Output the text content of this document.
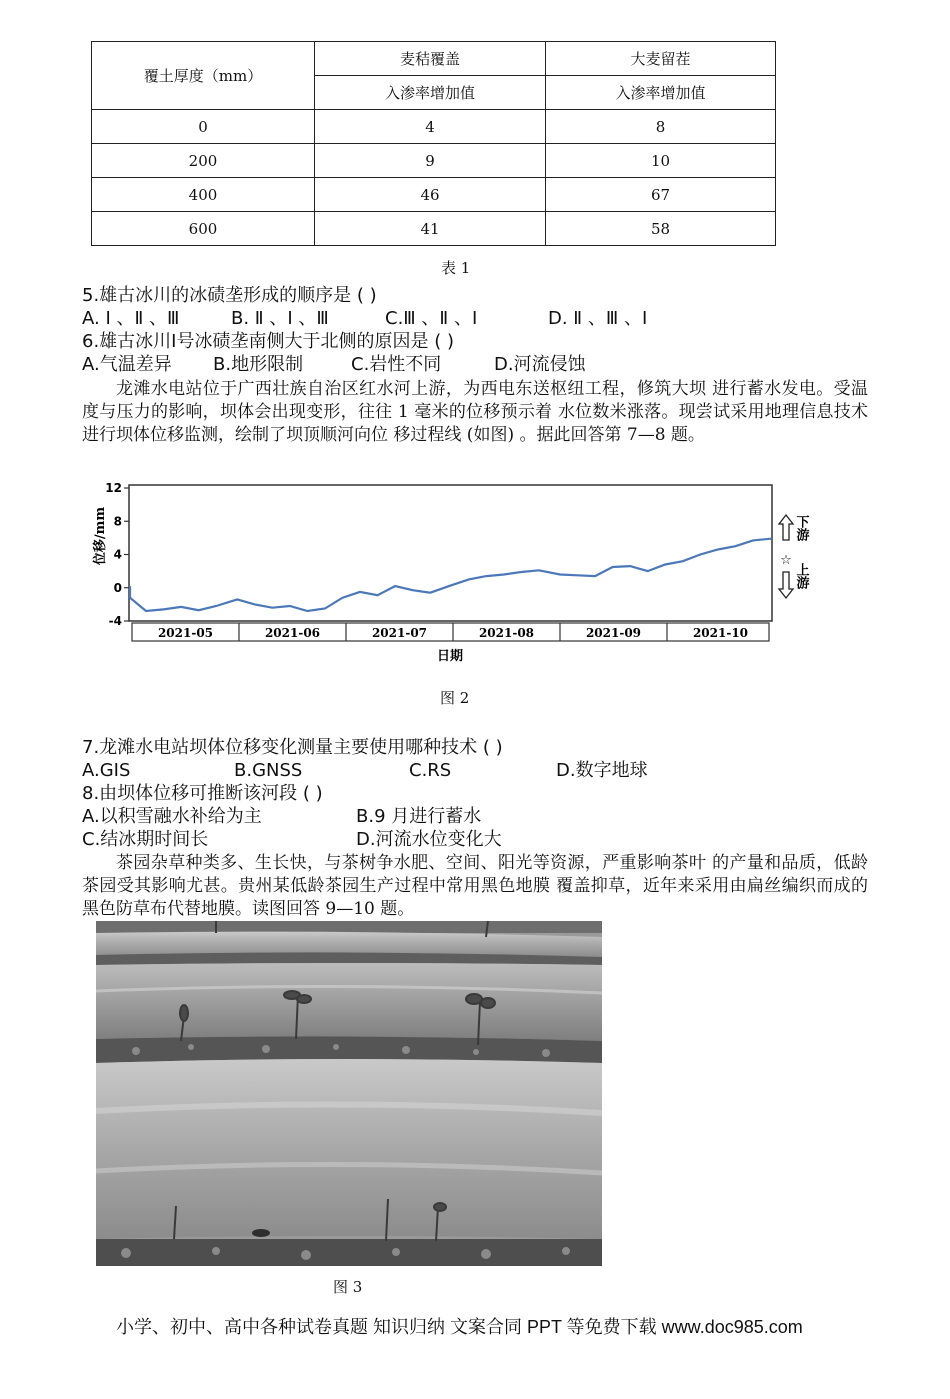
覆土厚度（mm）	麦秸覆盖	大麦留茬
	入渗率增加值	入渗率增加值
0	4	8
200	9	10
400	46	67
600	41	58
表 1
5.雄古冰川的冰碛垄形成的顺序是 ( )
A. Ⅰ 、Ⅱ 、Ⅲ	B. Ⅱ 、Ⅰ 、Ⅲ	C.Ⅲ 、Ⅱ 、Ⅰ	D. Ⅱ 、Ⅲ 、Ⅰ
6.雄古冰川Ⅰ号冰碛垄南侧大于北侧的原因是 ( )
A.气温差异 B.地形限制	C.岩性不同	D.河流侵蚀
龙滩水电站位于广西壮族自治区红水河上游，为西电东送枢纽工程，修筑大坝 进行蓄水发电。受温度与压力的影响，坝体会出现变形，往往 1 毫米的位移预示着 水位数米涨落。现尝试采用地理信息技术进行坝体位移监测，绘制了坝顶顺河向位 移过程线 (如图) 。据此回答第 7—8 题。
-4
0
4
8
12
2021-05	2021-06	2021-07	2021-08	2021-09	2021-10
位移/mm
日期
下游
☆
上游
图 2
7.龙滩水电站坝体位移变化测量主要使用哪种技术 ( )
A.GIS	B.GNSS	C.RS	D.数字地球
8.由坝体位移可推断该河段 ( )
A.以积雪融水补给为主	B.9 月进行蓄水
C.结冰期时间长	D.河流水位变化大
茶园杂草种类多、生长快，与茶树争水肥、空间、阳光等资源，严重影响茶叶 的产量和品质，低龄茶园受其影响尤甚。贵州某低龄茶园生产过程中常用黑色地膜 覆盖抑草，近年来采用由扁丝编织而成的黑色防草布代替地膜。读图回答 9—10 题。
图 3
小学、初中、高中各种试卷真题 知识归纳 文案合同 PPT 等免费下载 www.doc985.com
